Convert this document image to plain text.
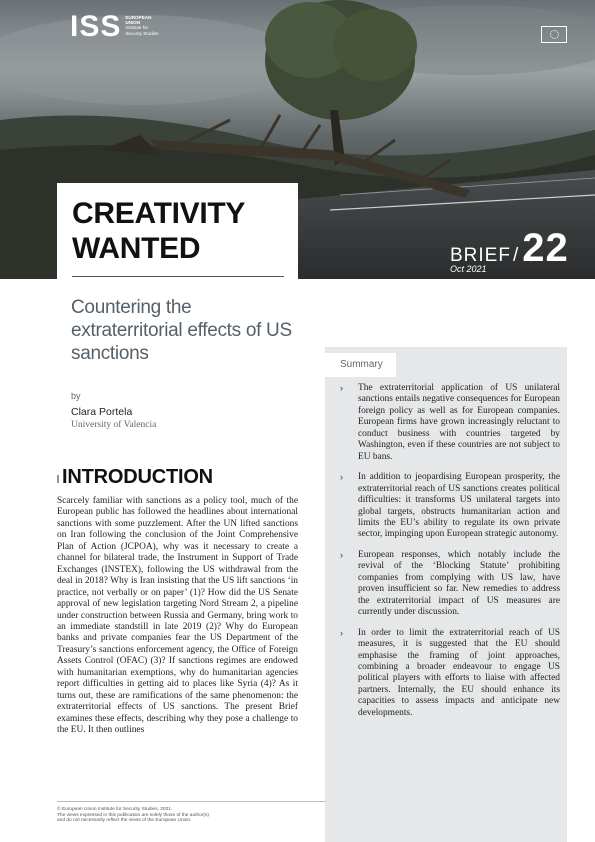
ISS EUROPEAN
UNION
Institute for
Security Studies
CREATIVITY WANTED	BRIEF / 22
Oct 2021
Countering the extraterritorial effects of US sanctions
by
Clara Portela
University of Valencia
INTRODUCTION

Scarcely familiar with sanctions as a policy tool, much of the European public has followed the headlines about international sanctions with some puzzlement. After the UN lifted sanctions on Iran following the conclusion of the Joint Comprehensive Plan of Action (JCPOA), why was it necessary to create a channel for bilateral trade, the Instrument in Support of Trade Exchanges (INSTEX), following the US withdrawal from the deal in 2018? Why is Iran insisting that the US lift sanctions ‘in practice, not verbally or on paper’ (1)? How did the US Senate approval of new legislation targeting Nord Stream 2, a pipeline under construction between Russia and Germany, bring work to an immediate standstill in late 2019 (2)? Why do European banks and private companies fear the US Department of the Treasury’s sanctions enforcement agency, the Office of Foreign Assets Control (OFAC) (3)? If sanctions regimes are endowed with humanitarian exemptions, why do humanitarian agencies report difficulties in getting aid to places like Syria (4)? As it turns out, these are ramifications of the same phenomenon: the extraterritorial effects of US sanctions. The present Brief examines these effects, describing why they pose a challenge to the EU. It then outlines

© European Union Institute for Security Studies, 2021.
The views expressed in this publication are solely those of the author(s)
and do not necessarily reflect the views of the European Union.
Summary
› The extraterritorial application of US unilateral sanctions entails negative consequences for European foreign policy as well as for European companies. European firms have grown increasingly reluctant to conduct business with countries targeted by Washington, even if these countries are not subject to EU bans.
› In addition to jeopardising European prosperity, the extraterritorial reach of US sanctions creates political difficulties: it transforms US unilateral targets into global targets, obstructs humanitarian action and limits the EU’s ability to regulate its own private sector, impinging upon European strategic autonomy.
› European responses, which notably include the revival of the ‘Blocking Statute’ prohibiting companies from complying with US law, have proven insufficient so far. New remedies to address the extraterritorial impact of US measures are currently under discussion.
› In order to limit the extraterritorial reach of US measures, it is suggested that the EU should emphasise the framing of joint approaches, combining a broader endeavour to engage US political players with efforts to liaise with affected partners. Internally, the EU should enhance its capacities to assess impacts and anticipate new developments.
